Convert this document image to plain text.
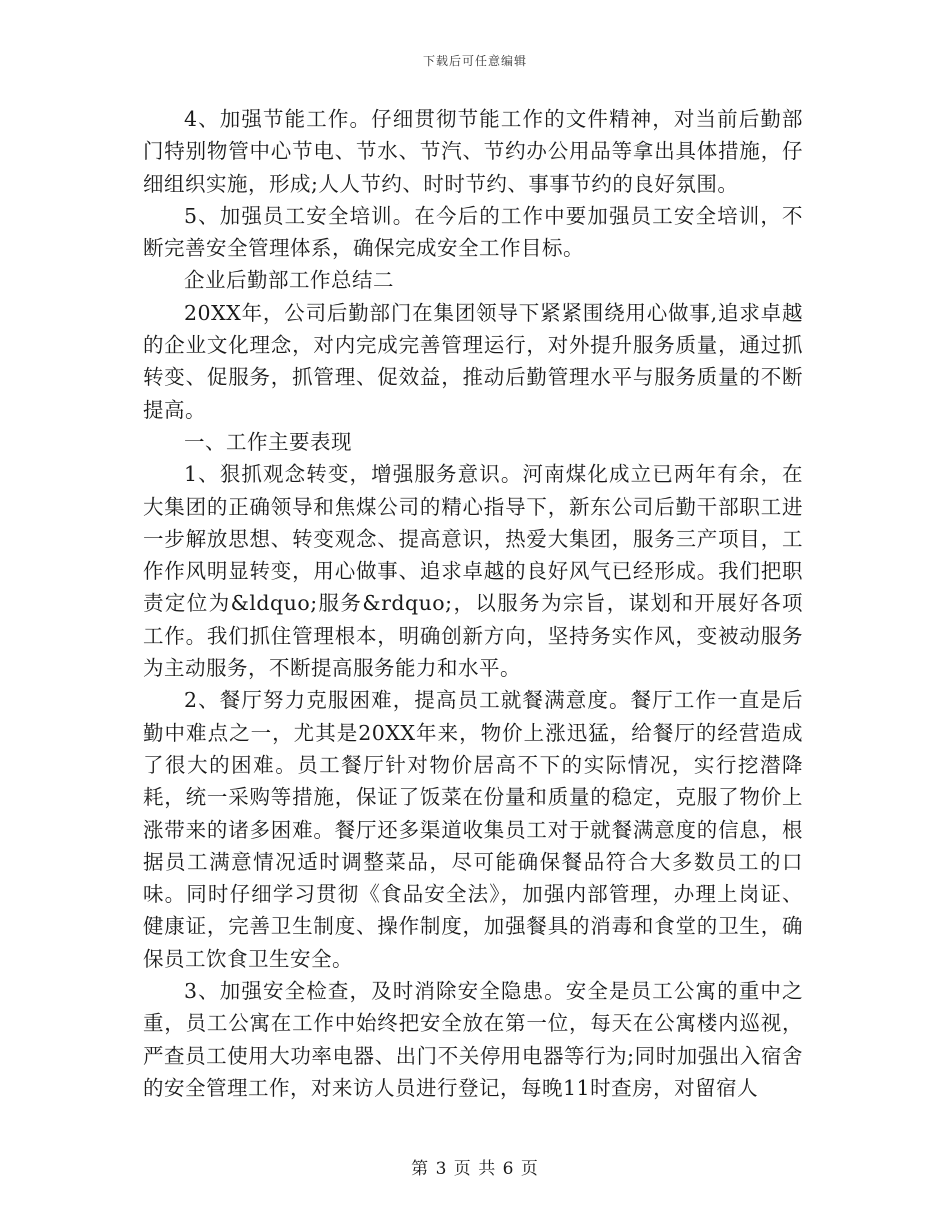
下载后可任意编辑

4、加强节能工作。仔细贯彻节能工作的文件精神，对当前后勤部门特别物管中心节电、节水、节汽、节约办公用品等拿出具体措施，仔细组织实施，形成;人人节约、时时节约、事事节约的良好氛围。

5、加强员工安全培训。在今后的工作中要加强员工安全培训，不断完善安全管理体系，确保完成安全工作目标。

企业后勤部工作总结二

20XX年，公司后勤部门在集团领导下紧紧围绕用心做事,追求卓越的企业文化理念，对内完成完善管理运行，对外提升服务质量，通过抓转变、促服务，抓管理、促效益，推动后勤管理水平与服务质量的不断提高。

一、工作主要表现

1、狠抓观念转变，增强服务意识。河南煤化成立已两年有余，在大集团的正确领导和焦煤公司的精心指导下，新东公司后勤干部职工进一步解放思想、转变观念、提高意识，热爱大集团，服务三产项目，工作作风明显转变，用心做事、追求卓越的良好风气已经形成。我们把职责定位为&ldquo;服务&rdquo;，以服务为宗旨，谋划和开展好各项工作。我们抓住管理根本，明确创新方向，坚持务实作风，变被动服务为主动服务，不断提高服务能力和水平。

2、餐厅努力克服困难，提高员工就餐满意度。餐厅工作一直是后勤中难点之一，尤其是20XX年来，物价上涨迅猛，给餐厅的经营造成了很大的困难。员工餐厅针对物价居高不下的实际情况，实行挖潜降耗，统一采购等措施，保证了饭菜在份量和质量的稳定，克服了物价上涨带来的诸多困难。餐厅还多渠道收集员工对于就餐满意度的信息，根据员工满意情况适时调整菜品，尽可能确保餐品符合大多数员工的口味。同时仔细学习贯彻《食品安全法》，加强内部管理，办理上岗证、健康证，完善卫生制度、操作制度，加强餐具的消毒和食堂的卫生，确保员工饮食卫生安全。

3、加强安全检查，及时消除安全隐患。安全是员工公寓的重中之重，员工公寓在工作中始终把安全放在第一位，每天在公寓楼内巡视，严查员工使用大功率电器、出门不关停用电器等行为;同时加强出入宿舍的安全管理工作，对来访人员进行登记，每晚11时查房，对留宿人

第 3 页 共 6 页
